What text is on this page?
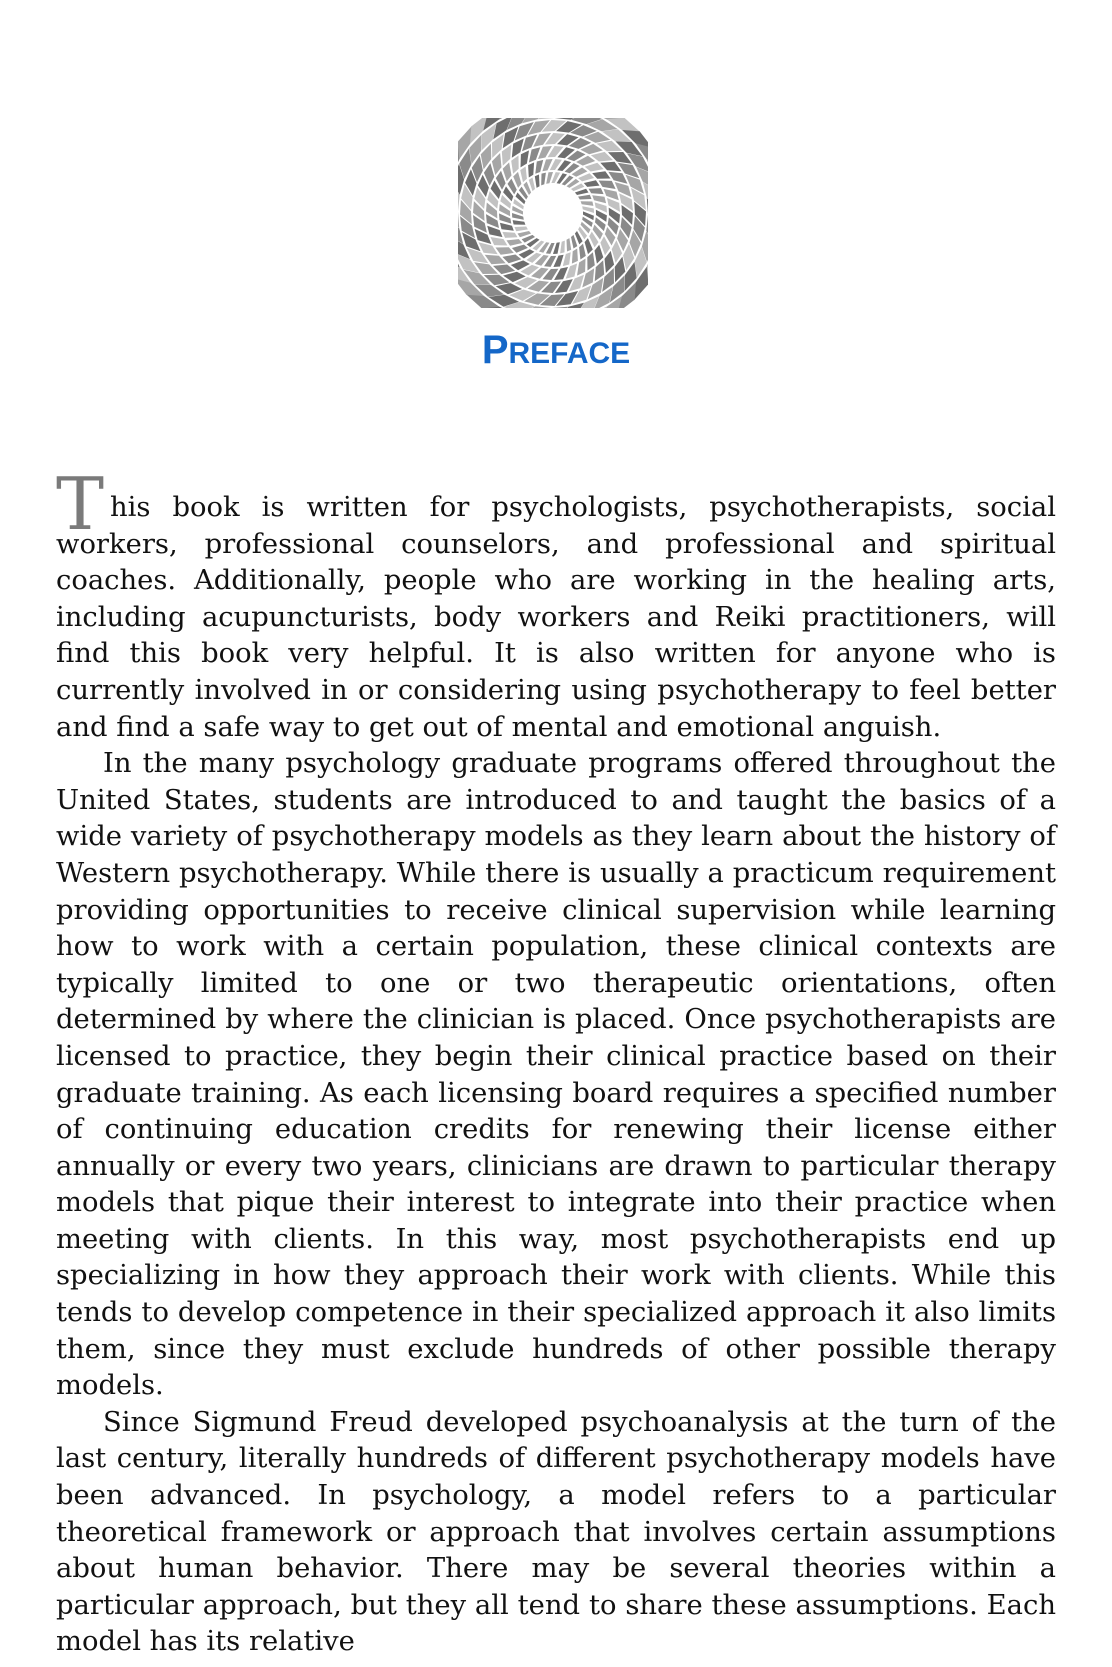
PREFACE

This book is written for psychologists, psychotherapists, social workers, professional counselors, and professional and spiritual coaches. Additionally, people who are working in the healing arts, including acupuncturists, body workers and Reiki practitioners, will find this book very helpful. It is also written for anyone who is currently involved in or considering using psychotherapy to feel better and find a safe way to get out of mental and emotional anguish.

In the many psychology graduate programs offered throughout the United States, students are introduced to and taught the basics of a wide variety of psychotherapy models as they learn about the history of Western psychotherapy. While there is usually a practicum requirement providing opportunities to receive clinical supervision while learning how to work with a certain population, these clinical contexts are typically limited to one or two therapeutic orientations, often determined by where the clinician is placed. Once psychotherapists are licensed to practice, they begin their clinical practice based on their graduate training. As each licensing board requires a specified number of continuing education credits for renewing their license either annually or every two years, clinicians are drawn to particular therapy models that pique their interest to integrate into their practice when meeting with clients. In this way, most psychotherapists end up specializing in how they approach their work with clients. While this tends to develop competence in their specialized approach it also limits them, since they must exclude hundreds of other possible therapy models.

Since Sigmund Freud developed psychoanalysis at the turn of the last century, literally hundreds of different psychotherapy models have been advanced. In psychology, a model refers to a particular theoretical framework or approach that involves certain assumptions about human behavior. There may be several theories within a particular approach, but they all tend to share these assumptions. Each model has its relative
